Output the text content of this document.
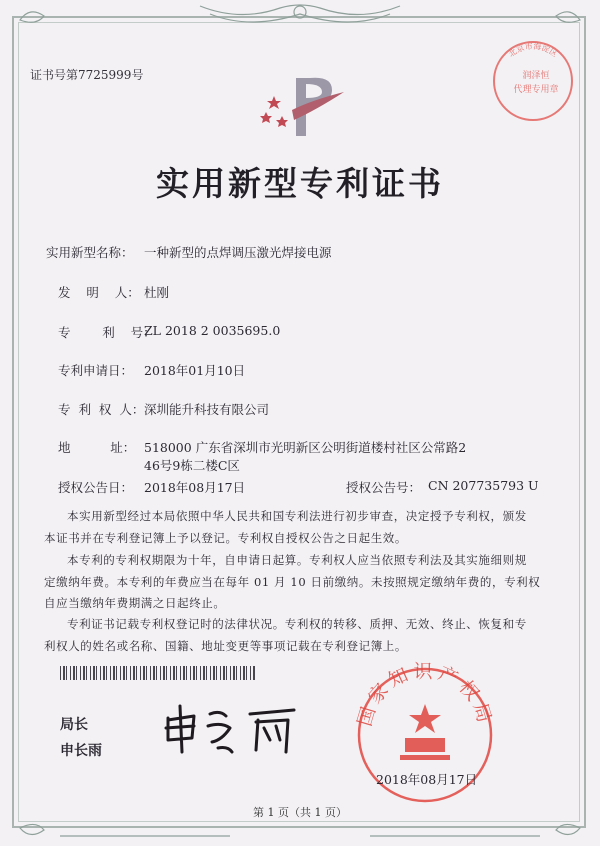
证书号第7725999号
北京市海淀区
润泽恒
代理专用章
实用新型专利证书
实用新型名称： 一种新型的点焊调压激光焊接电源
发    明    人： 杜刚
专        利    号：
ZL 2018 2 0035695.0
专利申请日： 2018年01月10日
专  利  权  人： 深圳能升科技有限公司
地          址： 518000 广东省深圳市光明新区公明街道楼村社区公常路2
46号9栋二楼C区
授权公告日： 2018年08月17日	授权公告号： CN 207735793 U
本实用新型经过本局依照中华人民共和国专利法进行初步审查，决定授予专利权，颁发
本证书并在专利登记簿上予以登记。专利权自授权公告之日起生效。
本专利的专利权期限为十年，自申请日起算。专利权人应当依照专利法及其实施细则规
定缴纳年费。本专利的年费应当在每年 01 月 10 日前缴纳。未按照规定缴纳年费的，专利权
自应当缴纳年费期满之日起终止。
专利证书记载专利权登记时的法律状况。专利权的转移、质押、无效、终止、恢复和专
利权人的姓名或名称、国籍、地址变更等事项记载在专利登记簿上。
局长
申长雨
国家知识产权局
2018年08月17日
第 1 页（共 1 页）
